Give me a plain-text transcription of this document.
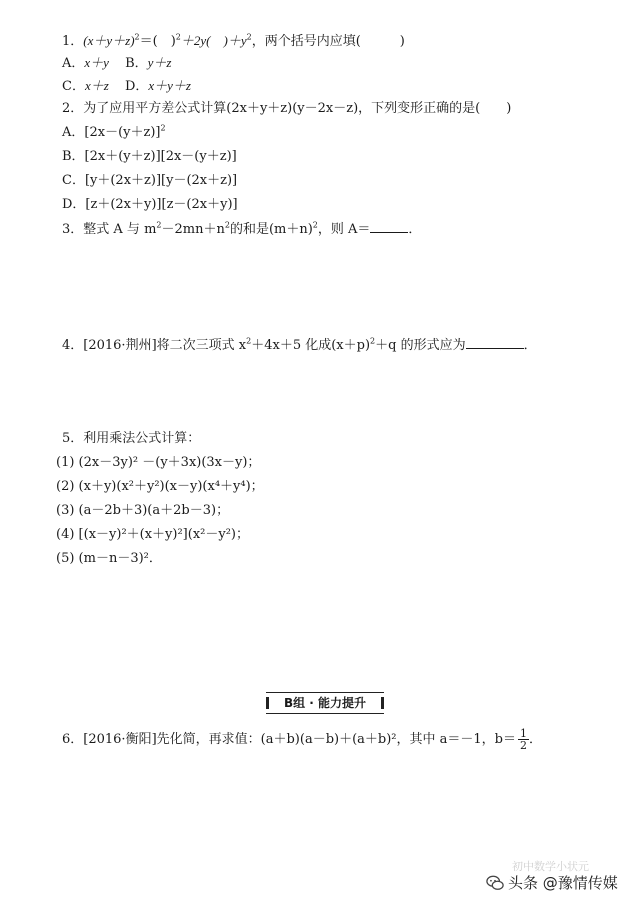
1．$(x+y+z)^2=$(　)$^2$＋2y(　)$+y^2$，两个括号内应填(　　　)
A．x＋y B．y＋z
C．x＋z D．x＋y＋z
2．为了应用平方差公式计算(2x＋y＋z)(y－2x－z)，下列变形正确的是(　　)
A．$[2x-(y+z)]^2$
B．[2x＋(y＋z)][2x－(y＋z)]
C．[y＋(2x＋z)][y－(2x＋z)]
D．[z＋(2x＋y)][z－(2x＋y)]
3．整式 A 与 $m^2-2mn+n^2$的和是$(m+n)^2$，则 A＝	．
4．[2016·荆州]将二次三项式 $x^2+4x+5$ 化成$(x+p)^2+q$ 的形式应为	．
5．利用乘法公式计算：
(1) (2x－3y)² －(y＋3x)(3x－y)；
(2) (x＋y)(x²＋y²)(x－y)(x⁴＋y⁴)；
(3) (a－2b＋3)(a＋2b－3)；
(4) [(x－y)²＋(x＋y)²](x²－y²)；
(5) (m－n－3)²．
B组 · 能力提升
6．[2016·衡阳]先化简，再求值：(a＋b)(a－b)＋(a＋b)²，其中 a＝－1，$b= \frac{1}{2}$ ．
初中数学小状元
头条 @豫情传媒
